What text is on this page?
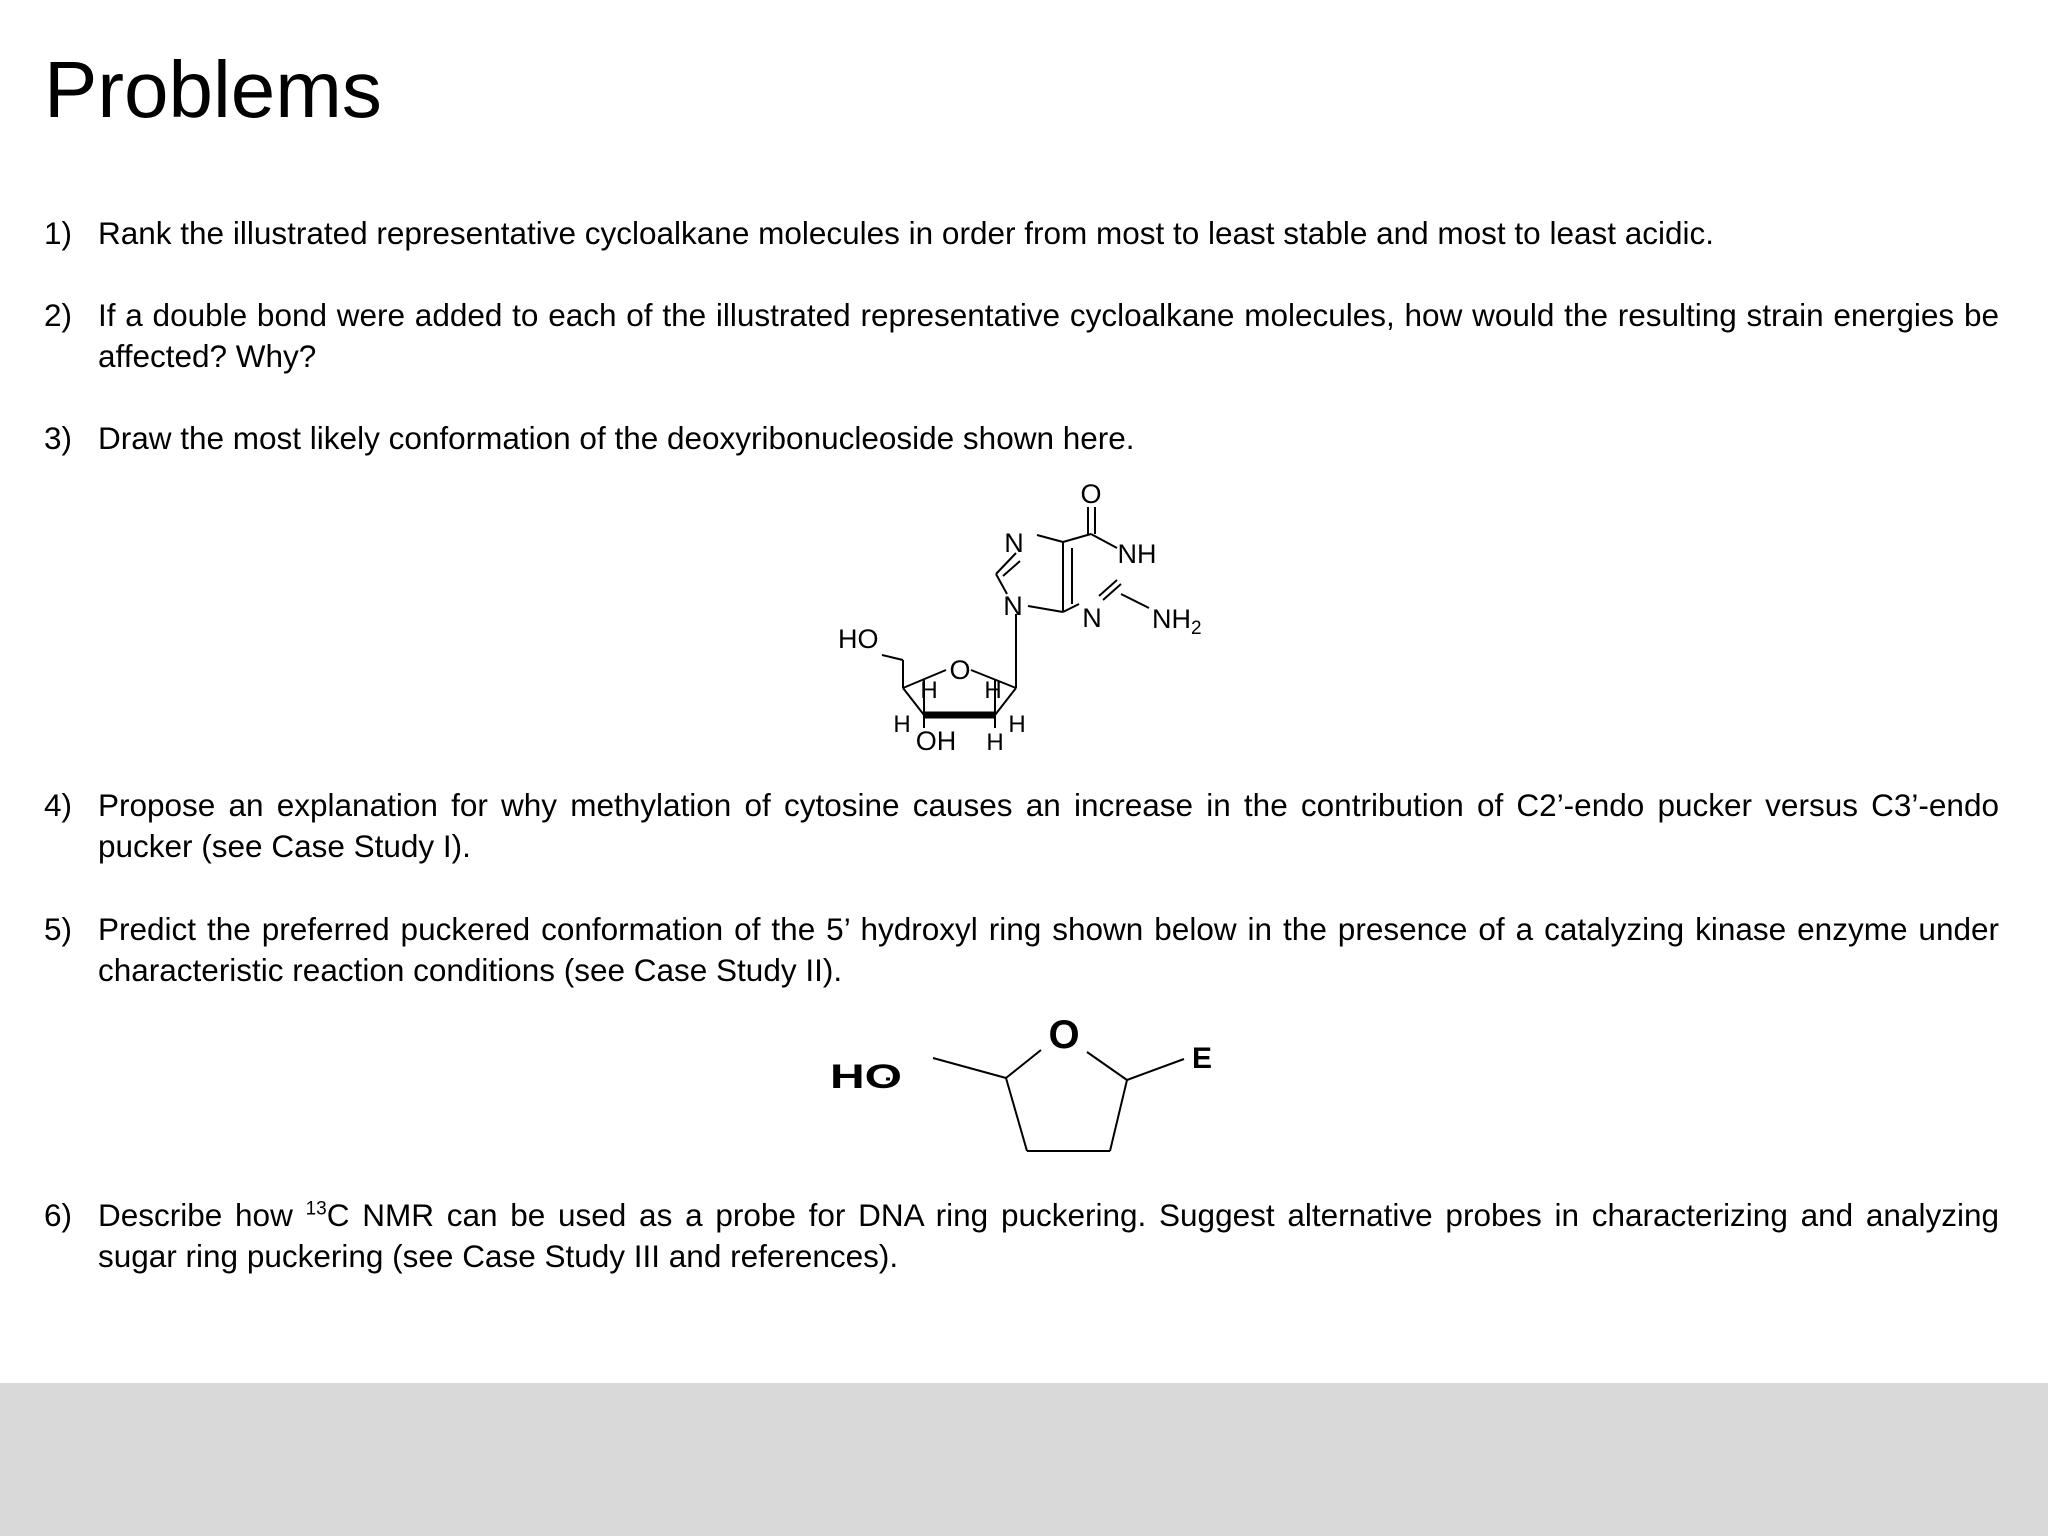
Problems
1) Rank the illustrated representative cycloalkane molecules in order from most to least stable and most to least acidic.
2) If a double bond were added to each of the illustrated representative cycloalkane molecules, how would the resulting strain energies be affected? Why?
3) Draw the most likely conformation of the deoxyribonucleoside shown here.
O
N	NH
N N $NH_2$
HO
O
H H
H	H
OH H
4) Propose an explanation for why methylation of cytosine causes an increase in the contribution of C2’-endo pucker versus C3’-endo pucker (see Case Study I).
5) Predict the preferred puckered conformation of the 5’ hydroxyl ring shown below in the presence of a catalyzing kinase enzyme under characteristic reaction conditions (see Case Study II).
HO
O
E
6) Describe how $^{13}$C NMR can be used as a probe for DNA ring puckering. Suggest alternative probes in characterizing and analyzing sugar ring puckering (see Case Study III and references).
